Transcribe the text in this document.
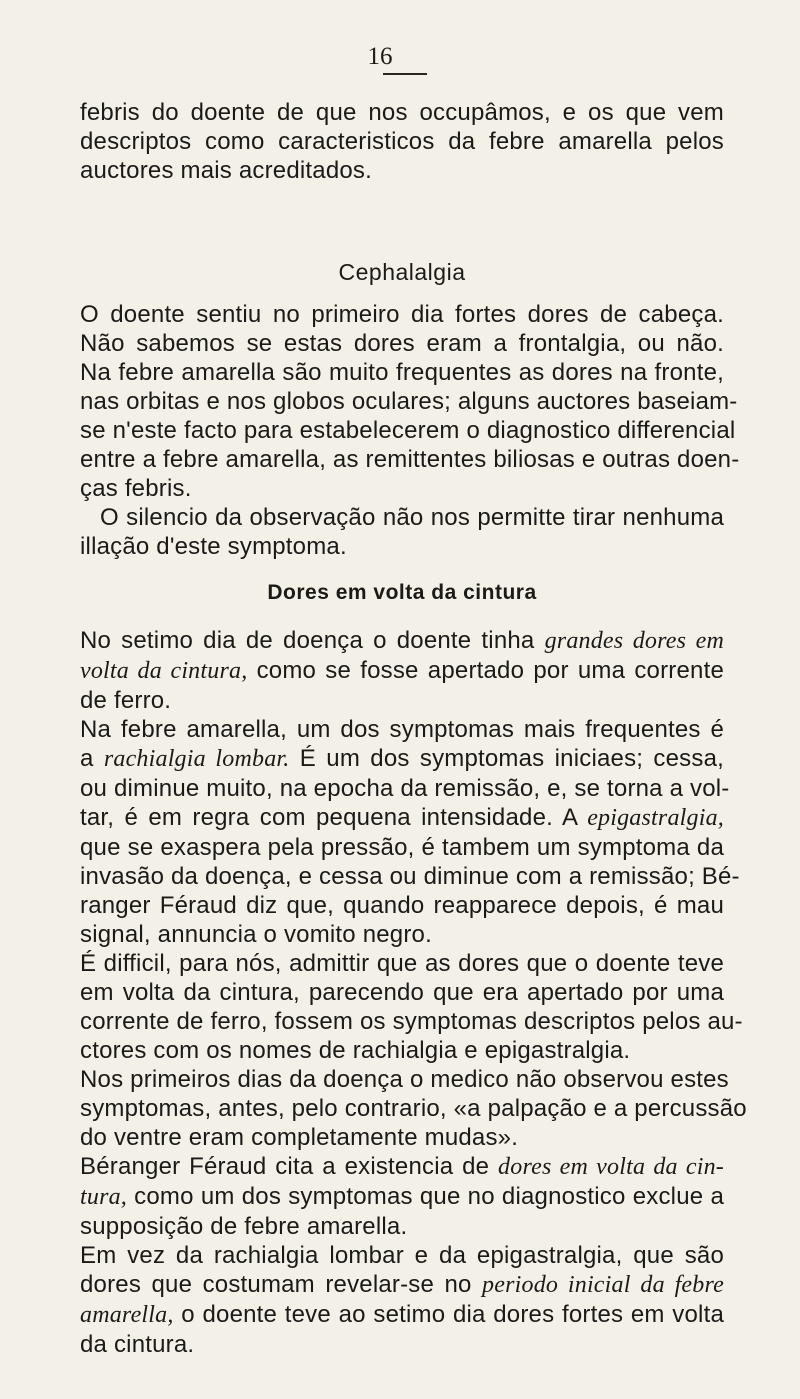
16
febris do doente de que nos occupâmos, e os que vem
descriptos como caracteristicos da febre amarella pelos
auctores mais acreditados.
Cephalalgia
O doente sentiu no primeiro dia fortes dores de cabeça.
Não sabemos se estas dores eram a frontalgia, ou não.
Na febre amarella são muito frequentes as dores na fronte,
nas orbitas e nos globos oculares; alguns auctores baseiam-
se n'este facto para estabelecerem o diagnostico differencial
entre a febre amarella, as remittentes biliosas e outras doen-
ças febris.
O silencio da observação não nos permitte tirar nenhuma
illação d'este symptoma.
Dores em volta da cintura
No setimo dia de doença o doente tinha grandes dores em
volta da cintura, como se fosse apertado por uma corrente
de ferro.
Na febre amarella, um dos symptomas mais frequentes é
a rachialgia lombar. É um dos symptomas iniciaes; cessa,
ou diminue muito, na epocha da remissão, e, se torna a vol-
tar, é em regra com pequena intensidade. A epigastralgia,
que se exaspera pela pressão, é tambem um symptoma da
invasão da doença, e cessa ou diminue com a remissão; Bé-
ranger Féraud diz que, quando reapparece depois, é mau
signal, annuncia o vomito negro.
É difficil, para nós, admittir que as dores que o doente teve
em volta da cintura, parecendo que era apertado por uma
corrente de ferro, fossem os symptomas descriptos pelos au-
ctores com os nomes de rachialgia e epigastralgia.
Nos primeiros dias da doença o medico não observou estes
symptomas, antes, pelo contrario, «a palpação e a percussão
do ventre eram completamente mudas».
Béranger Féraud cita a existencia de dores em volta da cin-
tura, como um dos symptomas que no diagnostico exclue a
supposição de febre amarella.
Em vez da rachialgia lombar e da epigastralgia, que são
dores que costumam revelar-se no periodo inicial da febre
amarella, o doente teve ao setimo dia dores fortes em volta
da cintura.
